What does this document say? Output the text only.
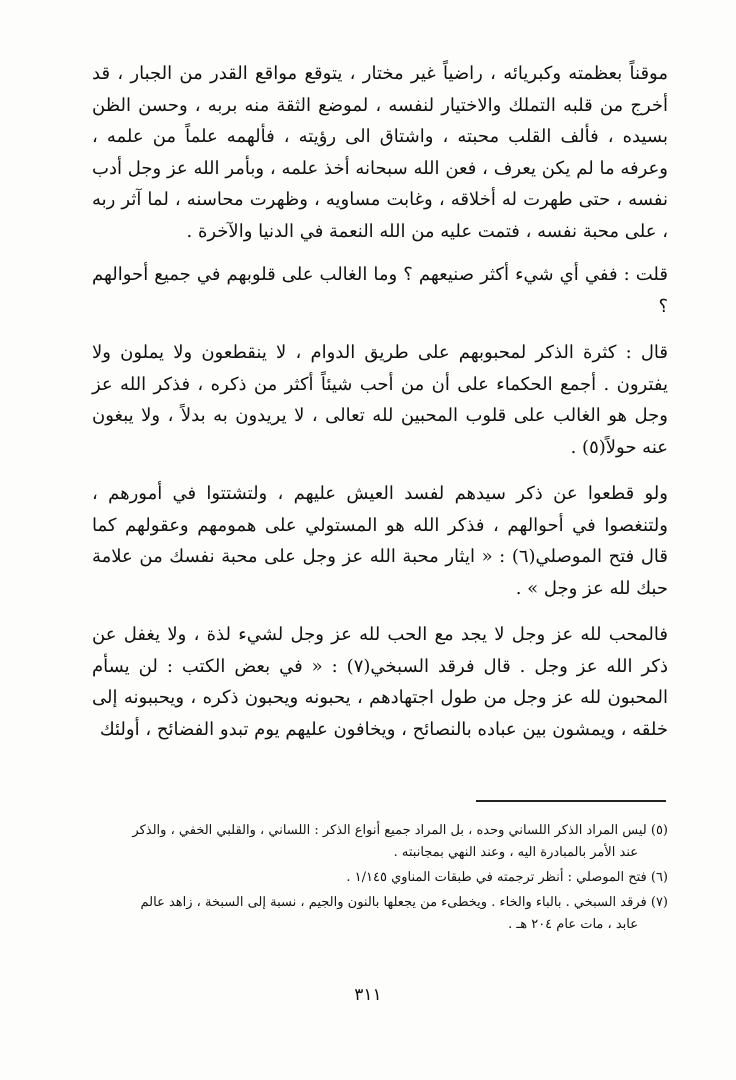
موقناً بعظمته وكبريائه ، راضياً غير مختار ، يتوقع مواقع القدر من الجبار ، قد أخرج من قلبه التملك والاختيار لنفسه ، لموضع الثقة منه بربه ، وحسن الظن بسيده ، فألف القلب محبته ، واشتاق الى رؤيته ، فألهمه علماً من علمه ، وعرفه ما لم يكن يعرف ، فعن الله سبحانه أخذ علمه ، وبأمر الله عز وجل أدب نفسه ، حتى طهرت له أخلاقه ، وغابت مساويه ، وظهرت محاسنه ، لما آثر ربه ، على محبة نفسه ، فتمت عليه من الله النعمة في الدنيا والآخرة .

قلت : ففي أي شيء أكثر صنيعهم ؟ وما الغالب على قلوبهم في جميع أحوالهم ؟

قال : كثرة الذكر لمحبوبهم على طريق الدوام ، لا ينقطعون ولا يملون ولا يفترون . أجمع الحكماء على أن من أحب شيئاً أكثر من ذكره ، فذكر الله عز وجل هو الغالب على قلوب المحبين لله تعالى ، لا يريدون به بدلاً ، ولا يبغون عنه حولاً(٥) .

ولو قطعوا عن ذكر سيدهم لفسد العيش عليهم ، ولتشتتوا في أمورهم ، ولتنغصوا في أحوالهم ، فذكر الله هو المستولي على همومهم وعقولهم كما قال فتح الموصلي(٦) : « ايثار محبة الله عز وجل على محبة نفسك من علامة حبك لله عز وجل » .

فالمحب لله عز وجل لا يجد مع الحب لله عز وجل لشيء لذة ، ولا يغفل عن ذكر الله عز وجل . قال فرقد السبخي(٧) : « في بعض الكتب : لن يسأم المحبون لله عز وجل من طول اجتهادهم ، يحبونه ويحبون ذكره ، ويحببونه إلى خلقه ، ويمشون بين عباده بالنصائح ، ويخافون عليهم يوم تبدو الفضائح ، أولئك

(٥) ليس المراد الذكر اللساني وحده ، بل المراد جميع أنواع الذكر : اللساني ، والقلبي الخفي ، والذكر
عند الأمر بالمبادرة اليه ، وعند النهي بمجانبته .
(٦) فتح الموصلي : أنظر ترجمته في طبقات المناوي ١/١٤٥ .
(٧) فرقد السبخي . بالباء والخاء . ويخطىء من يجعلها بالنون والجيم ، نسبة إلى السبخة ، زاهد عالم
عابد ، مات عام ٢٠٤ هـ .
٣١١
